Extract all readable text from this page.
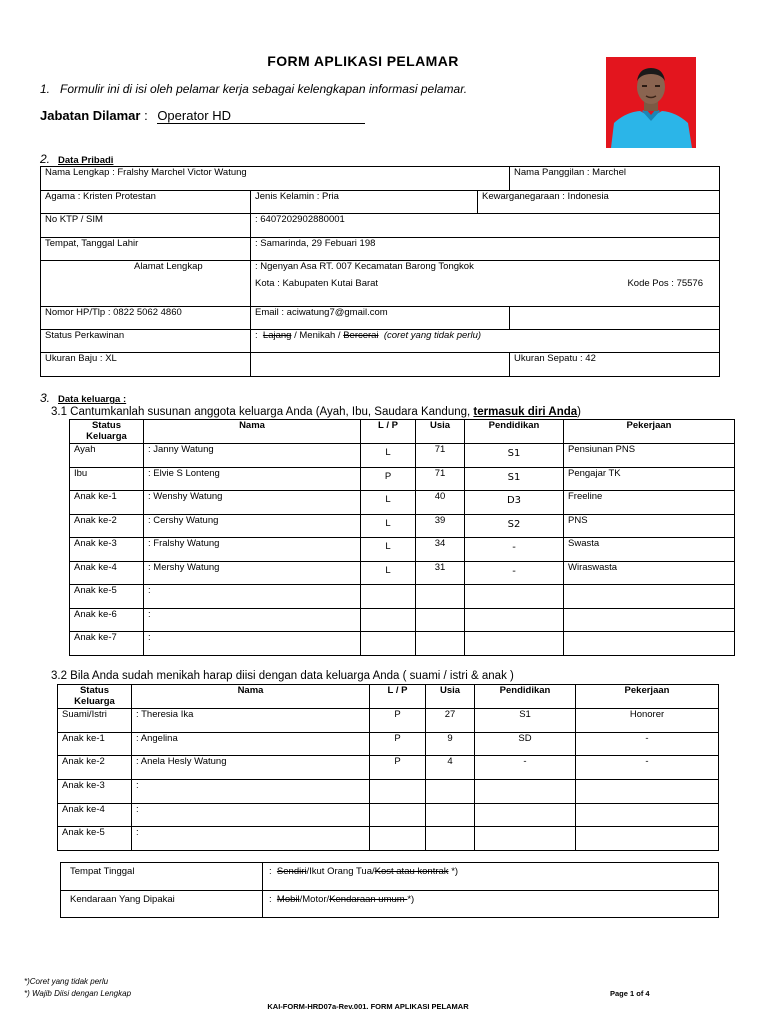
FORM APLIKASI PELAMAR
1. Formulir ini di isi oleh pelamar kerja sebagai kelengkapan informasi pelamar.
Jabatan Dilamar : Operator HD
2. Data Pribadi
Nama Lengkap : Fralshy Marchel Victor Watung			Nama Panggilan : Marchel
Agama : Kristen Protestan	Jenis Kelamin : Pria	Kewarganegaraan : Indonesia	
No KTP / SIM	: 6407202902880001		
Tempat, Tanggal Lahir	: Samarinda, 29 Febuari 198		
Alamat Lengkap	: Ngenyan Asa RT. 007 Kecamatan Barong Tongkok
Kota : Kabupaten Kutai Barat Kode Pos : 75576		

Nomor HP/Tlp : 0822 5062 4860	Email : aciwatung7@gmail.com		
Status Perkawinan	: Lajang / Menikah / Bercerai (coret yang tidak perlu)		
Ukuran Baju : XL			Ukuran Sepatu : 42
3. Data keluarga :
3.1 Cantumkanlah susunan anggota keluarga Anda (Ayah, Ibu, Saudara Kandung, termasuk diri Anda)
Status Keluarga	Nama	L / P	Usia	Pendidikan	Pekerjaan
Ayah	: Janny Watung	L	71	S1	Pensiunan PNS
Ibu	: Elvie S Lonteng	P	71	S1	Pengajar TK
Anak ke-1	: Wenshy Watung	L	40	D3	Freeline
Anak ke-2	: Cershy Watung	L	39	S2	PNS
Anak ke-3	: Fralshy Watung	L	34	-	Swasta
Anak ke-4	: Mershy Watung	L	31	-	Wiraswasta
Anak ke-5	:				
Anak ke-6	:				
Anak ke-7	:				
3.2 Bila Anda sudah menikah harap diisi dengan data keluarga Anda ( suami / istri & anak )
Status Keluarga	Nama	L / P	Usia	Pendidikan	Pekerjaan
Suami/Istri	: Theresia Ika	P	27	S1	Honorer
Anak ke-1	: Angelina	P	9	SD	-
Anak ke-2	: Anela Hesly Watung	P	4	-	-
Anak ke-3	:				
Anak ke-4	:				
Anak ke-5	:				
Tempat Tinggal	: Sendiri/Ikut Orang Tua/Kost atau kontrak *)
Kendaraan Yang Dipakai	: Mobil/Motor/Kendaraan umum *)
*)Coret yang tidak perlu
*) Wajib Diisi dengan Lengkap	Page 1 of 4
KAI-FORM-HRD07a-Rev.001. FORM APLIKASI PELAMAR
